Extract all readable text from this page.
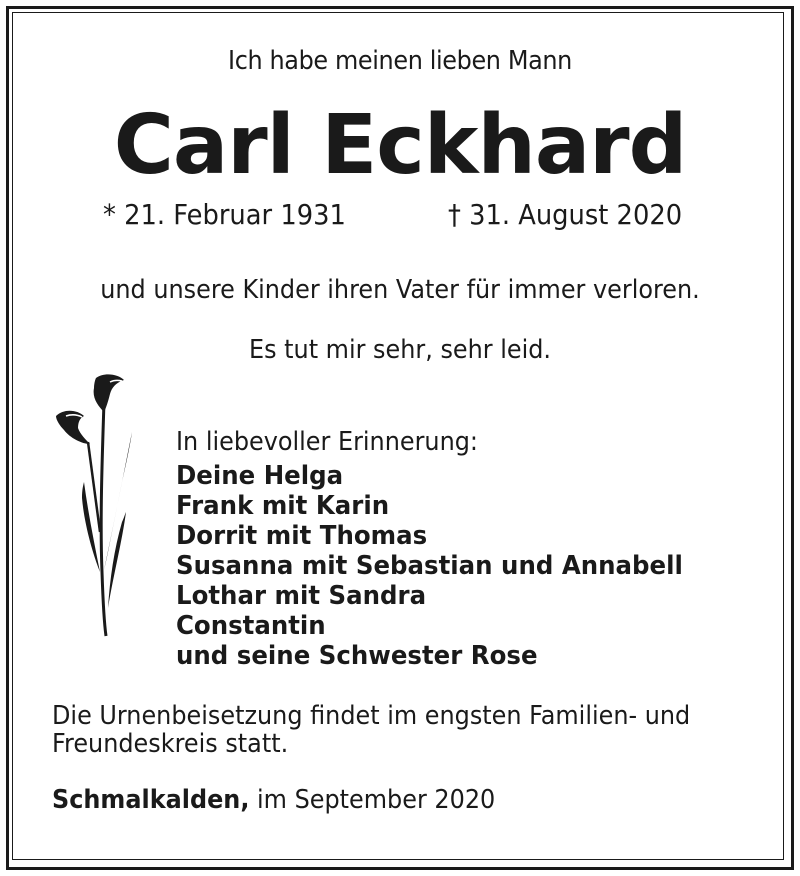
Ich habe meinen lieben Mann
Carl Eckhard
* 21. Februar 1931	† 31. August 2020
und unsere Kinder ihren Vater für immer verloren.
Es tut mir sehr, sehr leid.
In liebevoller Erinnerung:
Deine Helga
Frank mit Karin
Dorrit mit Thomas
Susanna mit Sebastian und Annabell
Lothar mit Sandra
Constantin
und seine Schwester Rose
Die Urnenbeisetzung findet im engsten Familien- und Freundeskreis statt.
Schmalkalden, im September 2020
